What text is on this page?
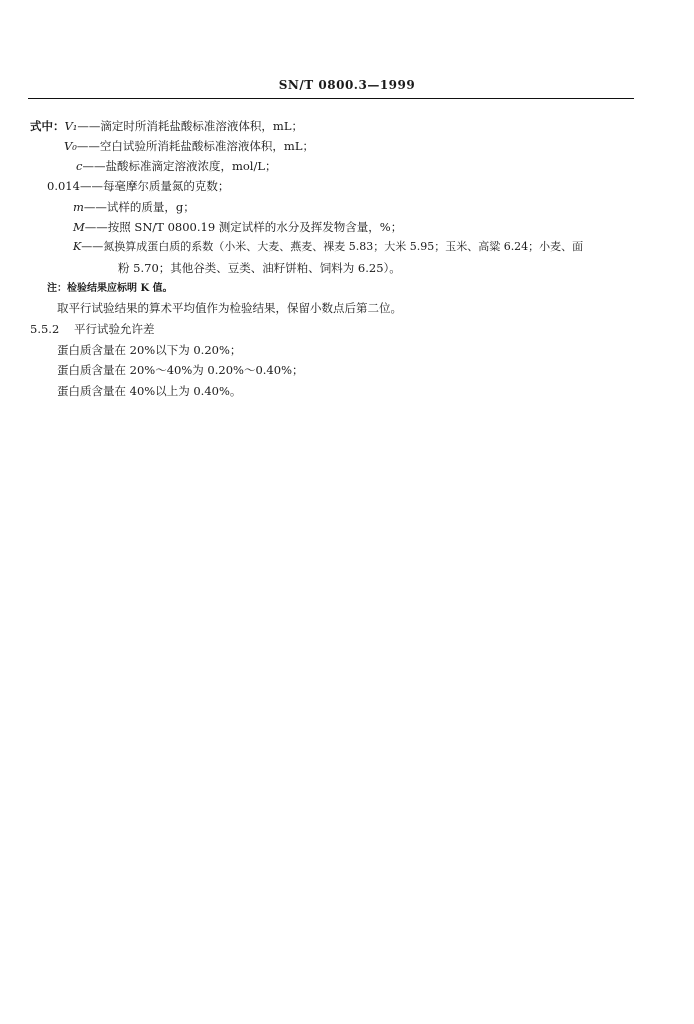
SN/T 0800.3—1999
式中：V₁——滴定时所消耗盐酸标准溶液体积，mL；
V₀——空白试验所消耗盐酸标准溶液体积，mL；
c——盐酸标准滴定溶液浓度，mol/L；
0.014——每毫摩尔质量氮的克数；
m——试样的质量，g；
M——按照 SN/T 0800.19 测定试样的水分及挥发物含量，%；
K——氮换算成蛋白质的系数（小米、大麦、燕麦、裸麦 5.83；大米 5.95；玉米、高粱 6.24；小麦、面
粉 5.70；其他谷类、豆类、油籽饼粕、饲料为 6.25）。
注：检验结果应标明 K 值。
取平行试验结果的算术平均值作为检验结果，保留小数点后第二位。
5.5.2 平行试验允许差
蛋白质含量在 20%以下为 0.20%；
蛋白质含量在 20%～40%为 0.20%～0.40%；
蛋白质含量在 40%以上为 0.40%。
